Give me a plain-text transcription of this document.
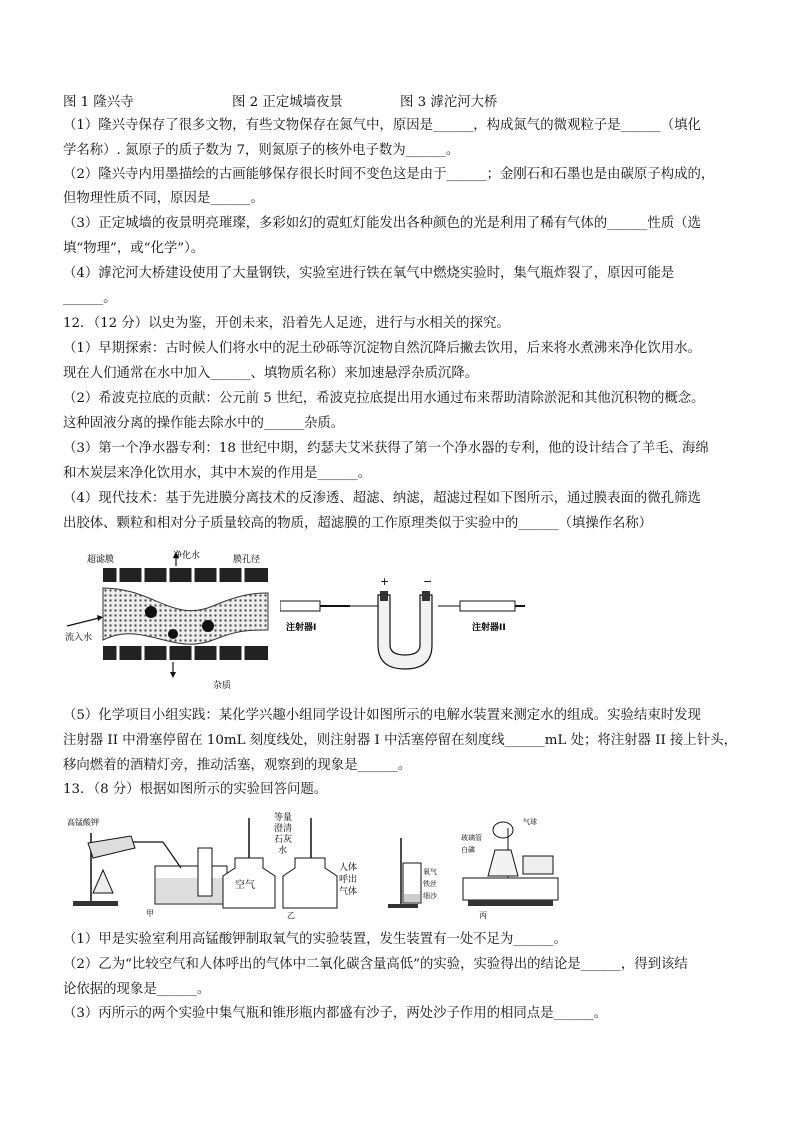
图 1 隆兴寺	图 2 正定城墙夜景	图 3 滹沱河大桥
（1）隆兴寺保存了很多文物，有些文物保存在氮气中，原因是______，构成氮气的微观粒子是______（填化
学名称）. 氮原子的质子数为 7，则氮原子的核外电子数为______。
（2）隆兴寺内用墨描绘的古画能够保存很长时间不变色这是由于______；金刚石和石墨也是由碳原子构成的，
但物理性质不同，原因是______。
（3）正定城墙的夜景明亮璀璨，多彩如幻的霓虹灯能发出各种颜色的光是利用了稀有气体的______性质（选
填“物理”，或“化学”）。
（4）滹沱河大桥建设使用了大量钢铁，实验室进行铁在氧气中燃烧实验时，集气瓶炸裂了，原因可能是
______。
12．（12 分）以史为鉴，开创未来，沿着先人足迹，进行与水相关的探究。
（1）早期探索：古时候人们将水中的泥土砂砾等沉淀物自然沉降后撇去饮用，后来将水煮沸来净化饮用水。
现在人们通常在水中加入______、填物质名称）来加速悬浮杂质沉降。
（2）希波克拉底的贡献：公元前 5 世纪，希波克拉底提出用水通过布来帮助清除淤泥和其他沉积物的概念。
这种固液分离的操作能去除水中的______杂质。
（3）第一个净水器专利：18 世纪中期，约瑟夫艾米获得了第一个净水器的专利，他的设计结合了羊毛、海绵
和木炭层来净化饮用水，其中木炭的作用是______。
（4）现代技术：基于先进膜分离技术的反渗透、超滤、纳滤，超滤过程如下图所示，通过膜表面的微孔筛选
出胶体、颗粒和相对分子质量较高的物质，超滤膜的工作原理类似于实验中的______（填操作名称）
超滤膜	净化水	膜孔径
流入水
杂质
+	−
注射器I	注射器II
（5）化学项目小组实践：某化学兴趣小组同学设计如图所示的电解水装置来测定水的组成。实验结束时发现
注射器 II 中滑塞停留在 10mL 刻度线处，则注射器 I 中活塞停留在刻度线______mL 处；将注射器 II 接上针头，
移向燃着的酒精灯旁，推动活塞，观察到的现象是______。
13．（8 分）根据如图所示的实验回答问题。
高锰酸钾
甲
等量
澄清
石灰
水
空气
人体
呼出
气体
乙
氧气
铁丝
细沙
玻璃管
气球
白磷
丙
（1）甲是实验室利用高锰酸钾制取氧气的实验装置，发生装置有一处不足为______。
（2）乙为“比较空气和人体呼出的气体中二氧化碳含量高低”的实验，实验得出的结论是______，得到该结
论依据的现象是______。
（3）丙所示的两个实验中集气瓶和锥形瓶内都盛有沙子，两处沙子作用的相同点是______。
